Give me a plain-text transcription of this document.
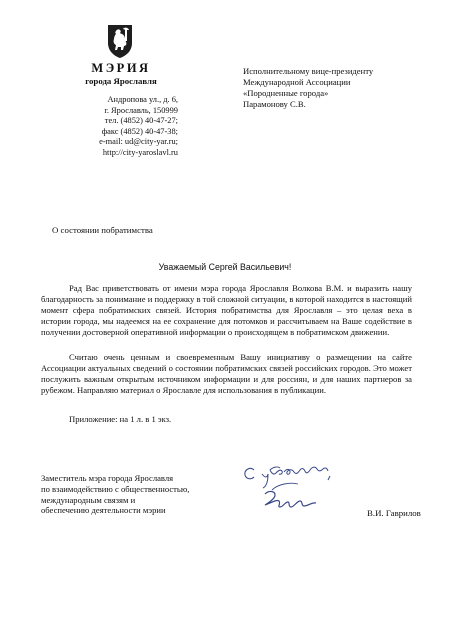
МЭРИЯ
города Ярославля
Андропова ул., д. 6,
г. Ярославль, 150999
тел. (4852) 40-47-27;
факс (4852) 40-47-38;
e-mail: ud@city-yar.ru;
http://city-yaroslavl.ru
Исполнительному вице-президенту
Международной Ассоциации
«Породненные города»
Парамонову С.В.
О состоянии побратимства
Уважаемый Сергей Васильевич!

Рад Вас приветствовать от имени мэра города Ярославля Волкова В.М. и выразить нашу благодарность за понимание и поддержку в той сложной ситуации, в которой находится в настоящий момент сфера побратимских связей. История побратимства для Ярославля – это целая веха в истории города, мы надеемся на ее сохранение для потомков и рассчитываем на Ваше содействие в получении достоверной оперативной информации о происходящем в побратимском движении.

Считаю очень ценным и своевременным Вашу инициативу о размещении на сайте Ассоциации актуальных сведений о состоянии побратимских связей российских городов. Это может послужить важным открытым источником информации и для россиян, и для наших партнеров за рубежом. Направляю материал о Ярославле для использования в публикации.

Приложение: на 1 л. в 1 экз.
Заместитель мэра города Ярославля
по взаимодействию с общественностью,
международным связям и
обеспечению деятельности мэрии	В.И. Гаврилов
